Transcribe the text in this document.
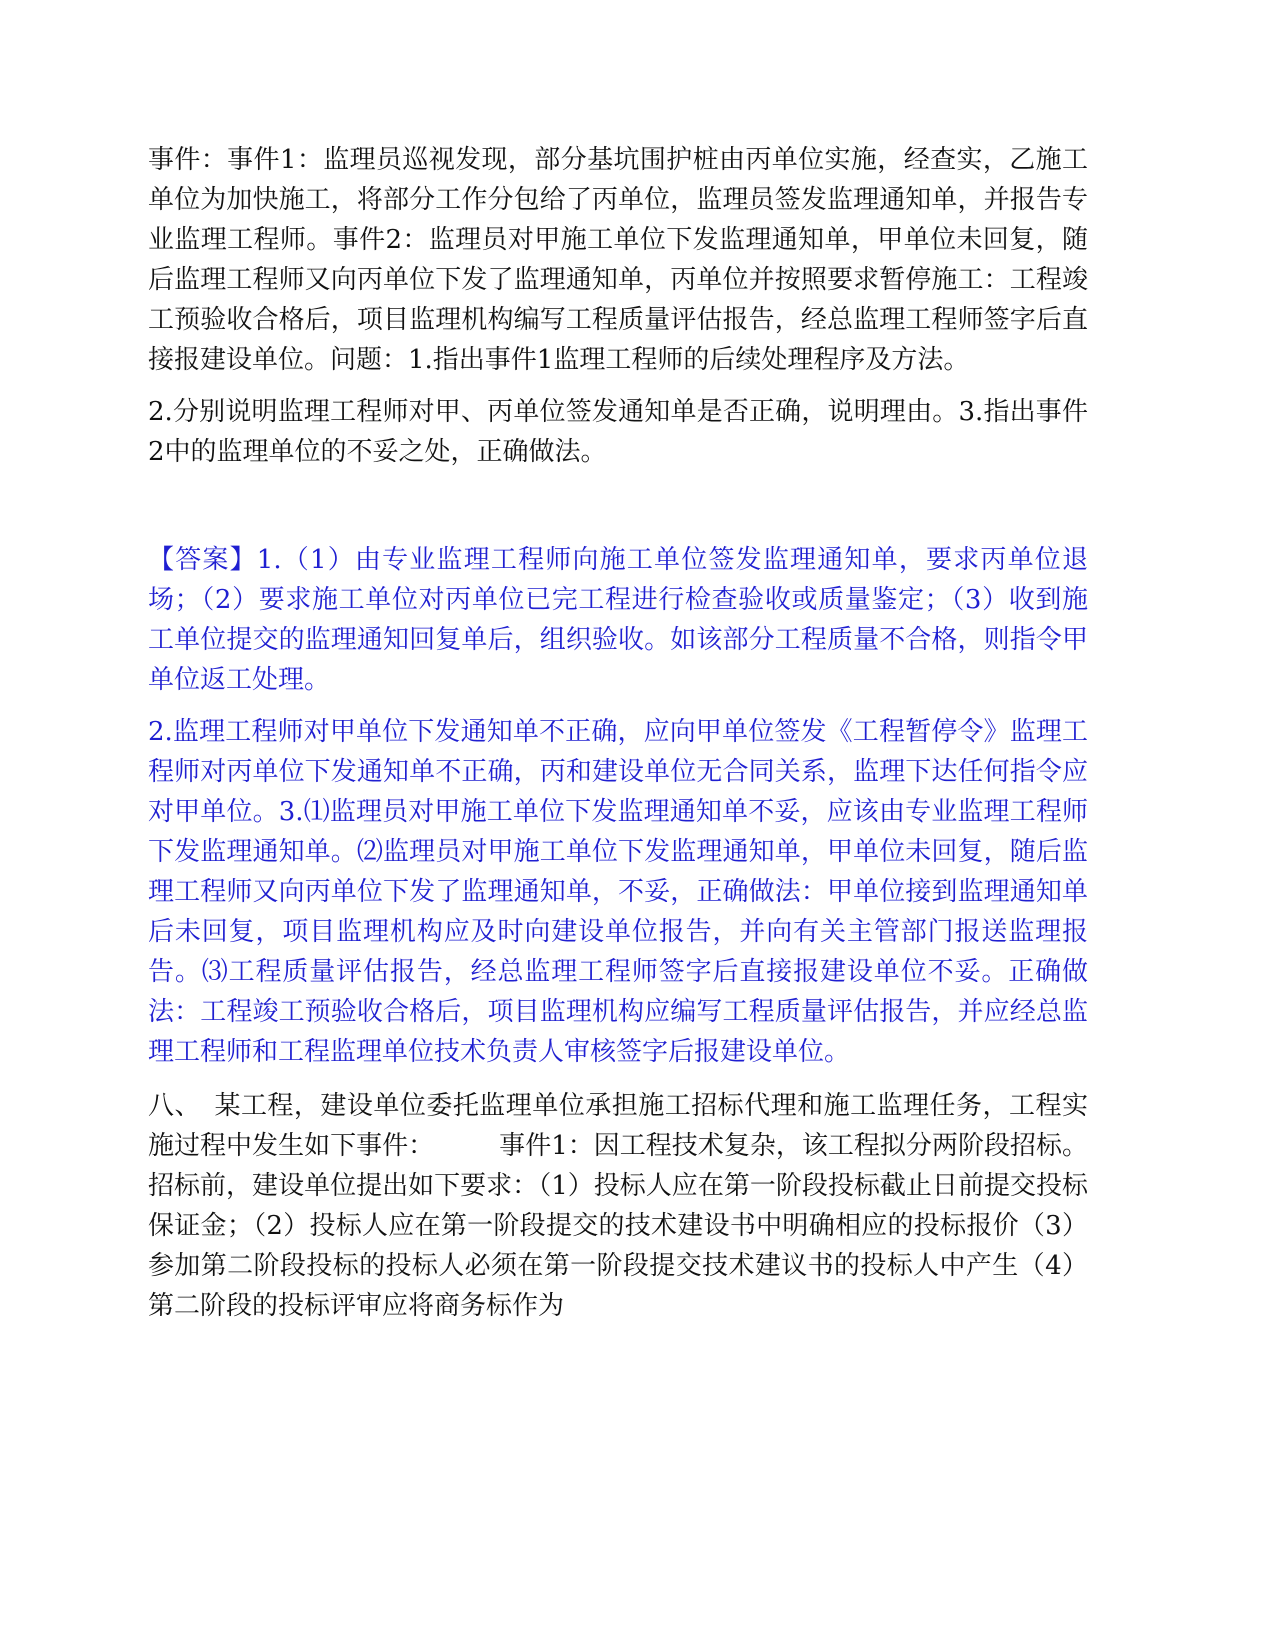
事件：事件1：监理员巡视发现，部分基坑围护桩由丙单位实施，经查实，乙施工单位为加快施工，将部分工作分包给了丙单位，监理员签发监理通知单，并报告专业监理工程师。事件2：监理员对甲施工单位下发监理通知单，甲单位未回复，随后监理工程师又向丙单位下发了监理通知单，丙单位并按照要求暂停施工：工程竣工预验收合格后，项目监理机构编写工程质量评估报告，经总监理工程师签字后直接报建设单位。问题：1.指出事件1监理工程师的后续处理程序及方法。

2.分别说明监理工程师对甲、丙单位签发通知单是否正确，说明理由。3.指出事件2中的监理单位的不妥之处，正确做法。

【答案】1.（1）由专业监理工程师向施工单位签发监理通知单，要求丙单位退场；（2）要求施工单位对丙单位已完工程进行检查验收或质量鉴定；（3）收到施工单位提交的监理通知回复单后，组织验收。如该部分工程质量不合格，则指令甲单位返工处理。

2.监理工程师对甲单位下发通知单不正确，应向甲单位签发《工程暂停令》监理工程师对丙单位下发通知单不正确，丙和建设单位无合同关系，监理下达任何指令应对甲单位。3.⑴监理员对甲施工单位下发监理通知单不妥，应该由专业监理工程师下发监理通知单。⑵监理员对甲施工单位下发监理通知单，甲单位未回复，随后监理工程师又向丙单位下发了监理通知单，不妥，正确做法：甲单位接到监理通知单后未回复，项目监理机构应及时向建设单位报告，并向有关主管部门报送监理报告。⑶工程质量评估报告，经总监理工程师签字后直接报建设单位不妥。正确做法：工程竣工预验收合格后，项目监理机构应编写工程质量评估报告，并应经总监理工程师和工程监理单位技术负责人审核签字后报建设单位。

八、　某工程，建设单位委托监理单位承担施工招标代理和施工监理任务，工程实施过程中发生如下事件：　　　事件1：因工程技术复杂，该工程拟分两阶段招标。招标前，建设单位提出如下要求：（1）投标人应在第一阶段投标截止日前提交投标保证金；（2）投标人应在第一阶段提交的技术建设书中明确相应的投标报价（3）参加第二阶段投标的投标人必须在第一阶段提交技术建议书的投标人中产生（4）第二阶段的投标评审应将商务标作为
